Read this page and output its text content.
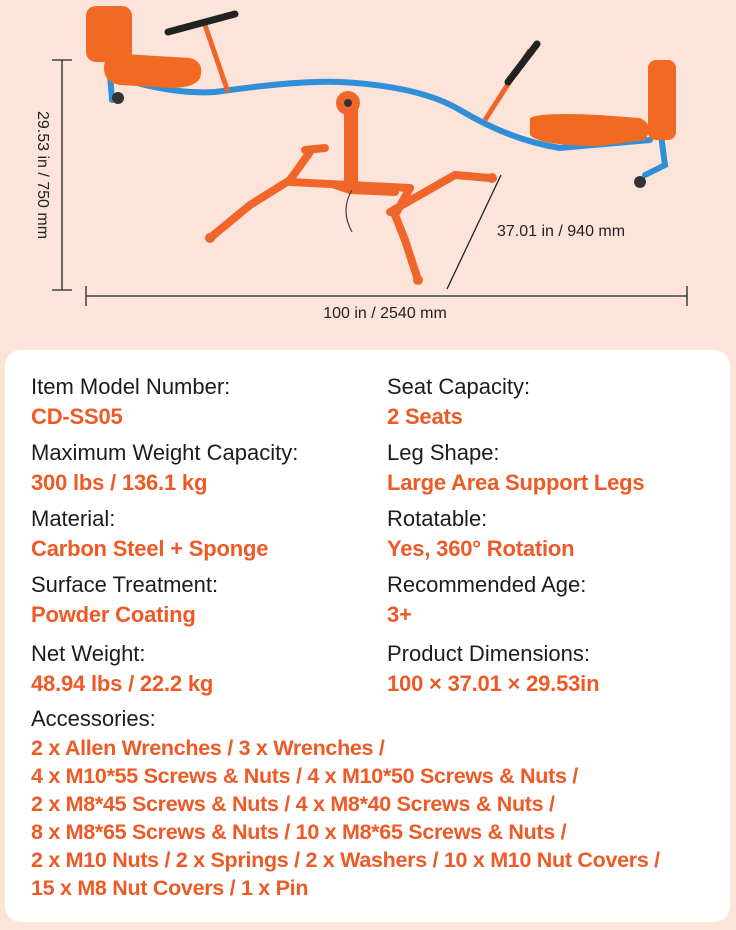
29.53 in / 750 mm
100 in / 2540 mm
37.01 in / 940 mm
Item Model Number:
CD-SS05
Maximum Weight Capacity:
300 lbs / 136.1 kg
Material:
Carbon Steel + Sponge
Surface Treatment:
Powder Coating
Net Weight:
48.94 lbs / 22.2 kg
Seat Capacity:
2 Seats
Leg Shape:
Large Area Support Legs
Rotatable:
Yes, 360° Rotation
Recommended Age:
3+
Product Dimensions:
100 × 37.01 × 29.53in
Accessories:
2 x Allen Wrenches / 3 x Wrenches /
4 x M10*55 Screws & Nuts / 4 x M10*50 Screws & Nuts /
2 x M8*45 Screws & Nuts / 4 x M8*40 Screws & Nuts /
8 x M8*65 Screws & Nuts / 10 x M8*65 Screws & Nuts /
2 x M10 Nuts / 2 x Springs / 2 x Washers / 10 x M10 Nut Covers /
15 x M8 Nut Covers / 1 x Pin
